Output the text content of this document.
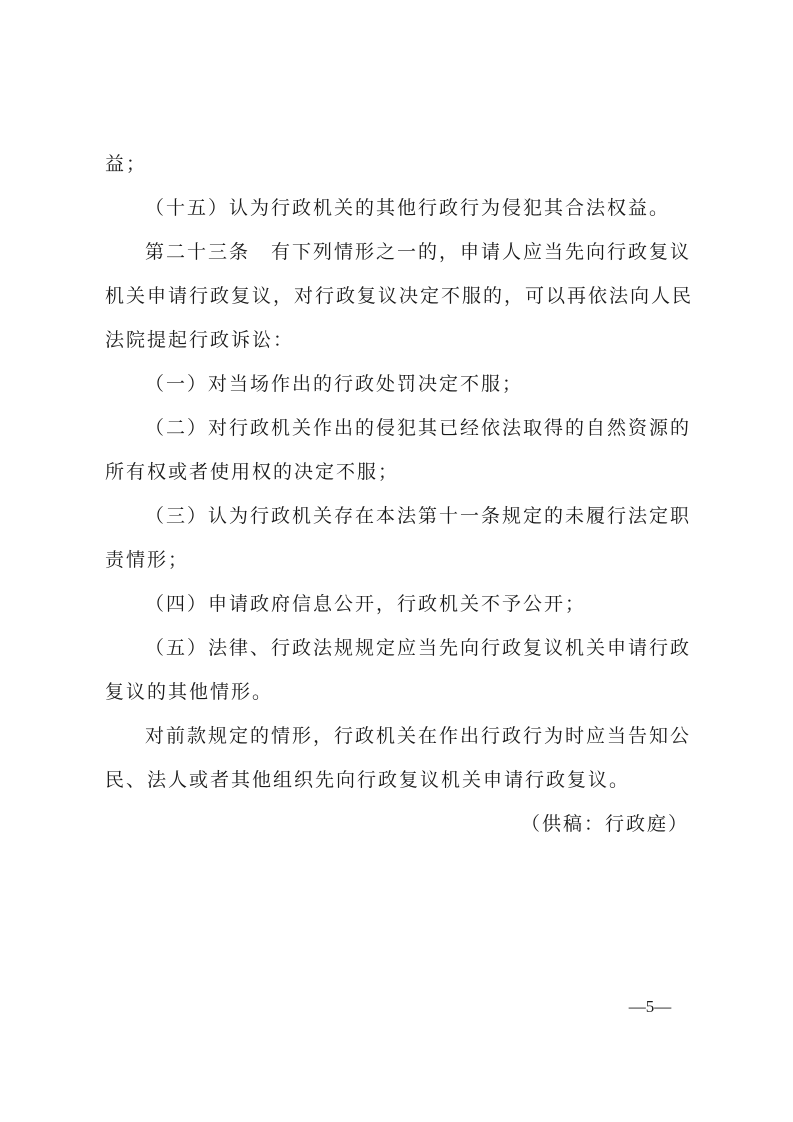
益；
（十五）认为行政机关的其他行政行为侵犯其合法权益。
第二十三条　有下列情形之一的，申请人应当先向行政复议
机关申请行政复议，对行政复议决定不服的，可以再依法向人民
法院提起行政诉讼：
（一）对当场作出的行政处罚决定不服；
（二）对行政机关作出的侵犯其已经依法取得的自然资源的
所有权或者使用权的决定不服；
（三）认为行政机关存在本法第十一条规定的未履行法定职
责情形；
（四）申请政府信息公开，行政机关不予公开；
（五）法律、行政法规规定应当先向行政复议机关申请行政
复议的其他情形。
对前款规定的情形，行政机关在作出行政行为时应当告知公
民、法人或者其他组织先向行政复议机关申请行政复议。
（供稿：行政庭）
—5—
